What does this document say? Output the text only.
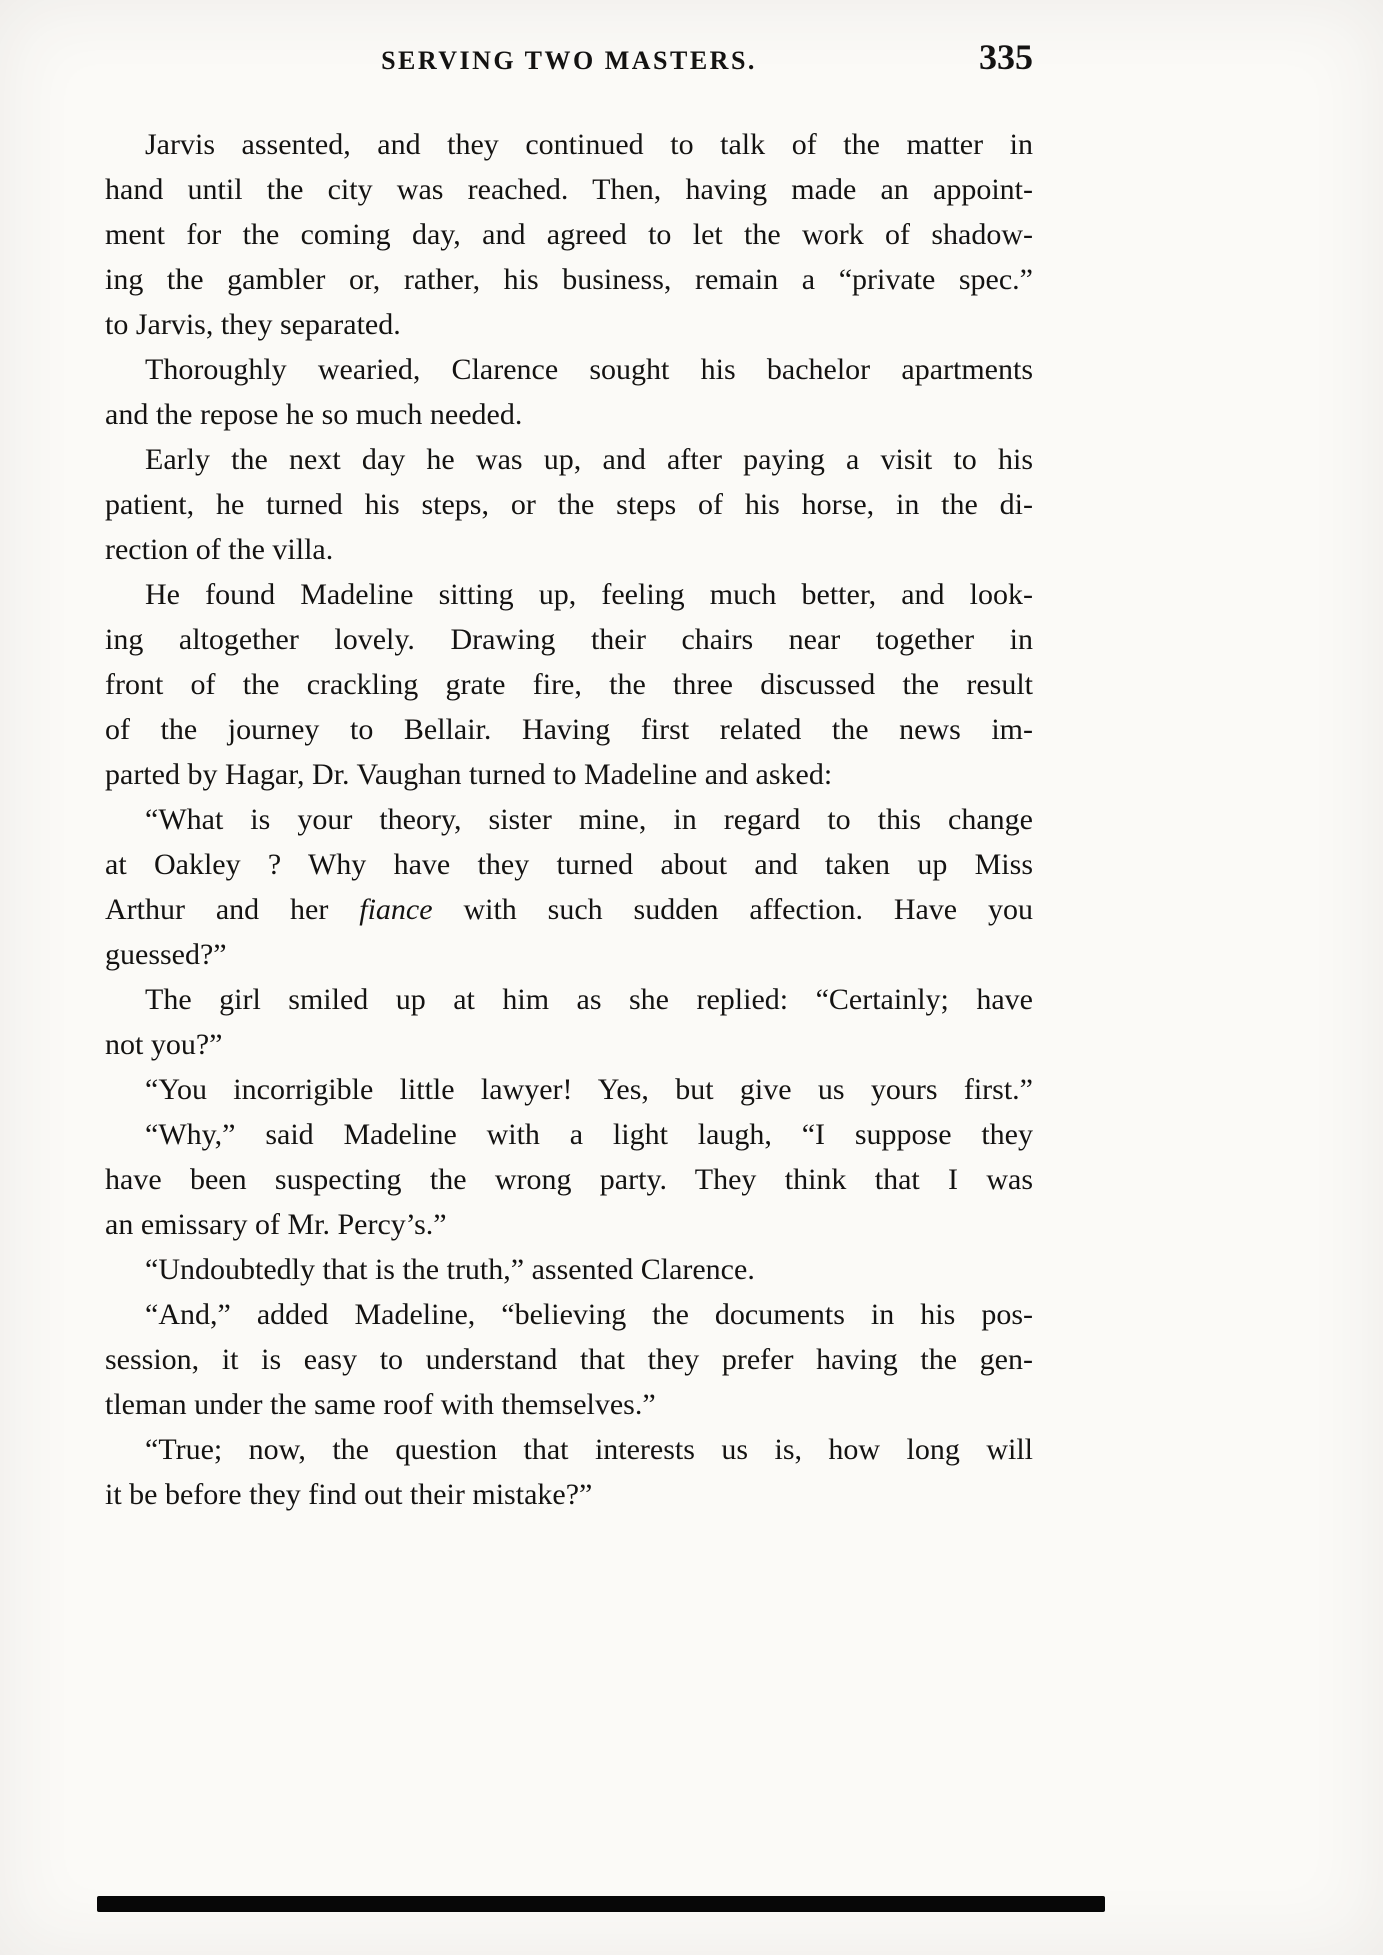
SERVING TWO MASTERS.	335
Jarvis assented, and they continued to talk of the matter in
hand until the city was reached. Then, having made an appoint-
ment for the coming day, and agreed to let the work of shadow-
ing the gambler or, rather, his business, remain a “private spec.”
to Jarvis, they separated.
Thoroughly wearied, Clarence sought his bachelor apartments
and the repose he so much needed.
Early the next day he was up, and after paying a visit to his
patient, he turned his steps, or the steps of his horse, in the di-
rection of the villa.
He found Madeline sitting up, feeling much better, and look-
ing altogether lovely. Drawing their chairs near together in
front of the crackling grate fire, the three discussed the result
of the journey to Bellair. Having first related the news im-
parted by Hagar, Dr. Vaughan turned to Madeline and asked:
“What is your theory, sister mine, in regard to this change
at Oakley ? Why have they turned about and taken up Miss
Arthur and her fiance with such sudden affection. Have you
guessed?”
The girl smiled up at him as she replied: “Certainly; have
not you?”
“You incorrigible little lawyer! Yes, but give us yours first.”
“Why,” said Madeline with a light laugh, “I suppose they
have been suspecting the wrong party. They think that I was
an emissary of Mr. Percy’s.”
“Undoubtedly that is the truth,” assented Clarence.
“And,” added Madeline, “believing the documents in his pos-
session, it is easy to understand that they prefer having the gen-
tleman under the same roof with themselves.”
“True; now, the question that interests us is, how long will
it be before they find out their mistake?”
